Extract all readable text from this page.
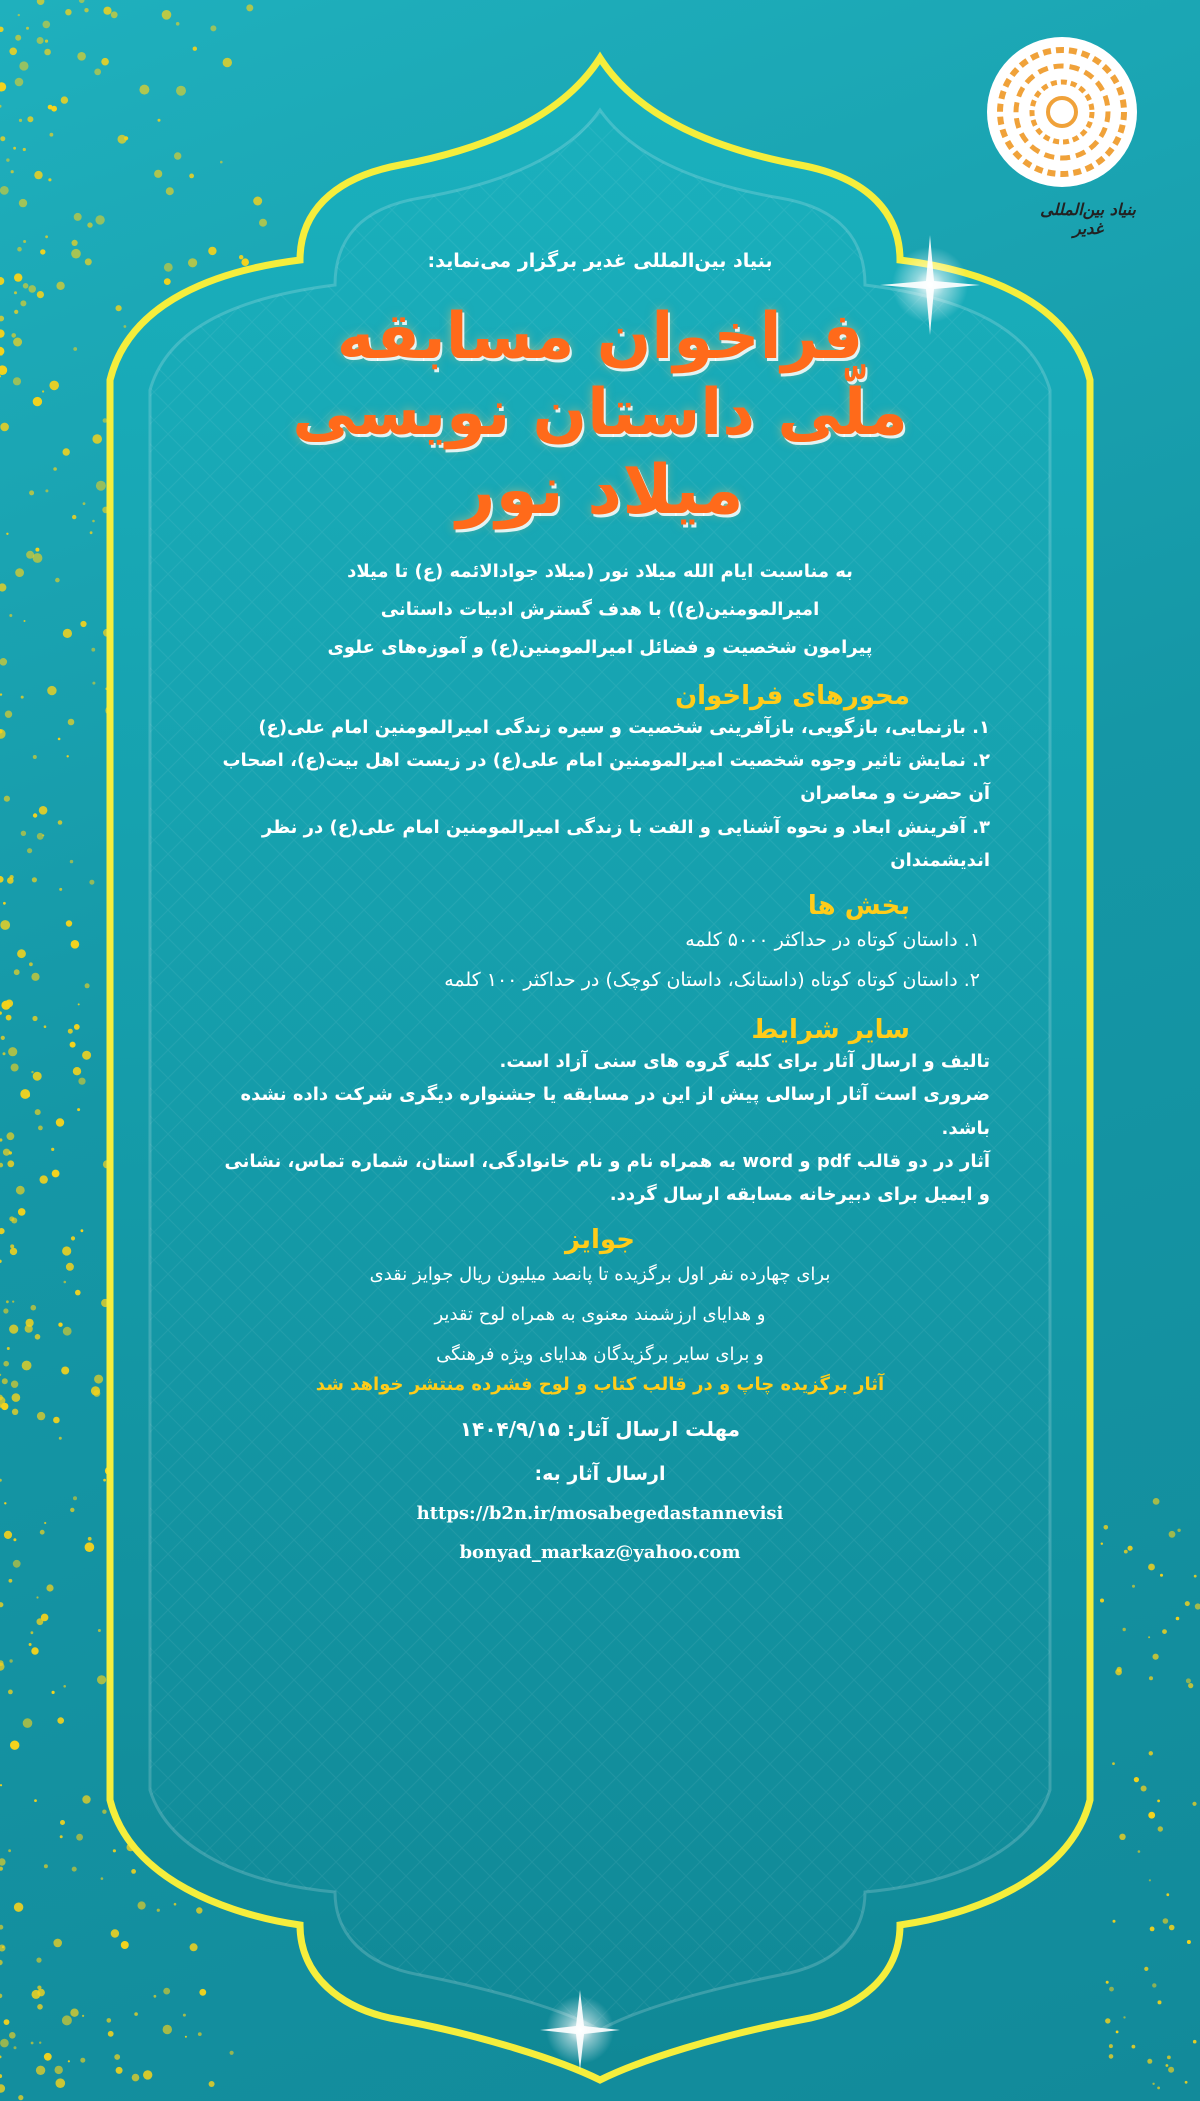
بنیاد بین‌المللی غدیر
بنیاد بین‌المللی غدیر برگزار می‌نماید:
فراخوان مسابقه
ملّی داستان نویسی
میلاد نور
به مناسبت ایام الله میلاد نور (میلاد جوادالائمه (ع) تا میلاد
امیرالمومنین(ع)) با هدف گسترش ادبیات داستانی
پیرامون شخصیت و فضائل امیرالمومنین(ع) و آموزه‌های علوی
محورهای فراخوان
۱. بازنمایی، بازگویی، بازآفرینی شخصیت و سیره زندگی امیرالمومنین امام علی(ع)
۲. نمایش تاثیر وجوه شخصیت امیرالمومنین امام علی(ع) در زیست اهل بیت(ع)، اصحاب آن حضرت و معاصران
۳. آفرینش ابعاد و نحوه آشنایی و الفت با زندگی امیرالمومنین امام علی(ع) در نظر اندیشمندان
بخش ها
۱. داستان کوتاه در حداکثر ۵۰۰۰ کلمه
۲. داستان کوتاه کوتاه (داستانک، داستان کوچک) در حداکثر ۱۰۰ کلمه
سایر شرایط
تالیف و ارسال آثار برای کلیه گروه های سنی آزاد است.
ضروری است آثار ارسالی پیش از این در مسابقه یا جشنواره دیگری شرکت داده نشده باشد.
آثار در دو قالب pdf و word به همراه نام و نام خانوادگی، استان، شماره تماس، نشانی و ایمیل برای دبیرخانه مسابقه ارسال گردد.
جوایز
برای چهارده نفر اول برگزیده تا پانصد میلیون ریال جوایز نقدی
و هدایای ارزشمند معنوی به همراه لوح تقدیر
و برای سایر برگزیدگان هدایای ویژه فرهنگی
آثار برگزیده چاپ و در قالب کتاب و لوح فشرده منتشر خواهد شد
مهلت ارسال آثار: ۱۴۰۴/۹/۱۵
ارسال آثار به:
https://b2n.ir/mosabegedastannevisi
bonyad_markaz@yahoo.com
